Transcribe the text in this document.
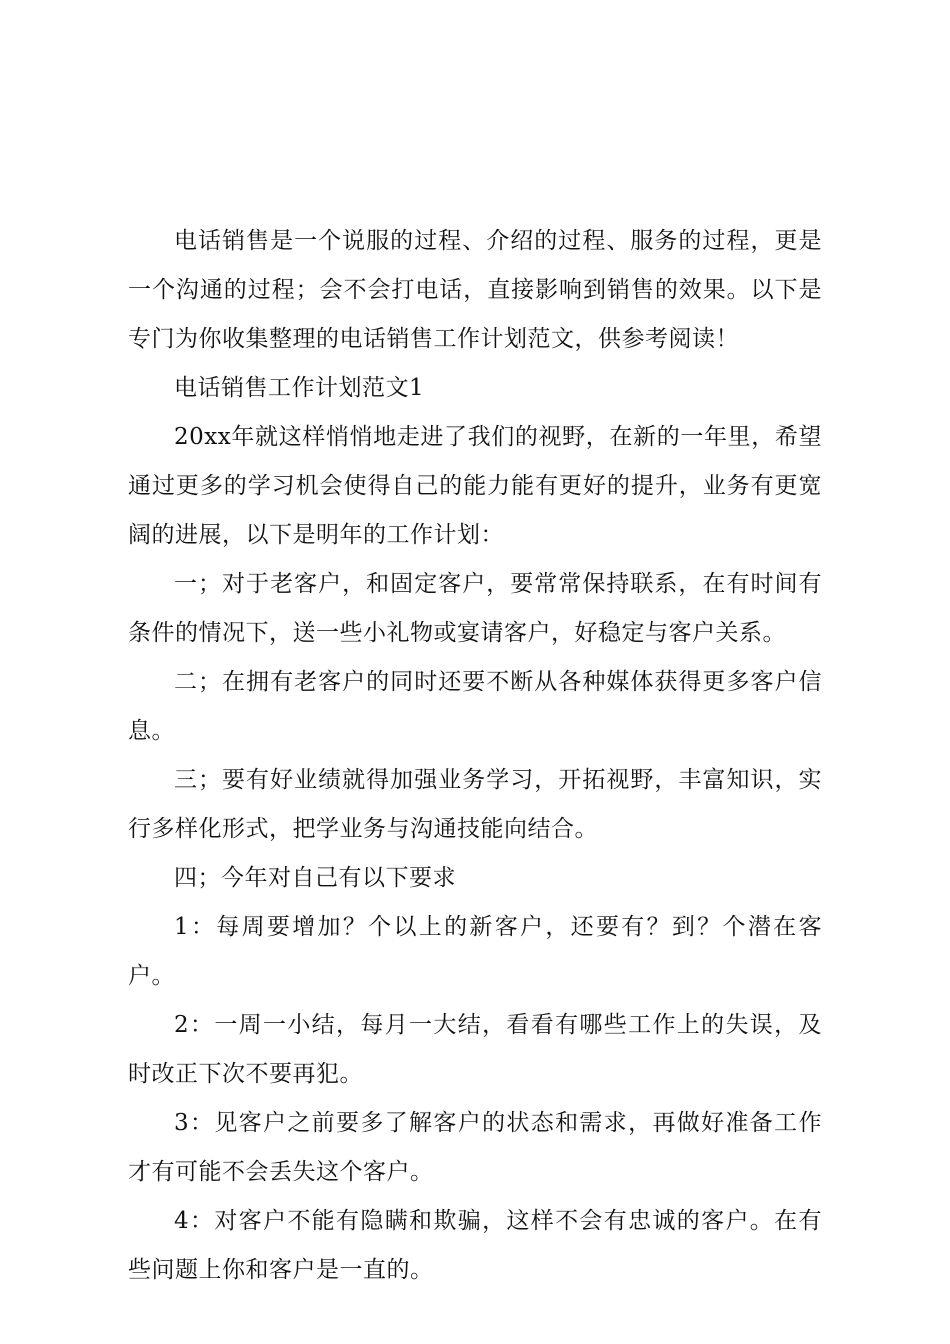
电话销售是一个说服的过程、介绍的过程、服务的过程，更是一个沟通的过程；会不会打电话，直接影响到销售的效果。以下是专门为你收集整理的电话销售工作计划范文，供参考阅读！

电话销售工作计划范文1

20xx年就这样悄悄地走进了我们的视野，在新的一年里，希望通过更多的学习机会使得自己的能力能有更好的提升，业务有更宽阔的进展，以下是明年的工作计划：

一；对于老客户，和固定客户，要常常保持联系，在有时间有条件的情况下，送一些小礼物或宴请客户，好稳定与客户关系。

二；在拥有老客户的同时还要不断从各种媒体获得更多客户信息。

三；要有好业绩就得加强业务学习，开拓视野，丰富知识，实行多样化形式，把学业务与沟通技能向结合。

四；今年对自己有以下要求

1：每周要增加？个以上的新客户，还要有？到？个潜在客户。

2：一周一小结，每月一大结，看看有哪些工作上的失误，及时改正下次不要再犯。

3：见客户之前要多了解客户的状态和需求，再做好准备工作才有可能不会丢失这个客户。

4：对客户不能有隐瞒和欺骗，这样不会有忠诚的客户。在有些问题上你和客户是一直的。
